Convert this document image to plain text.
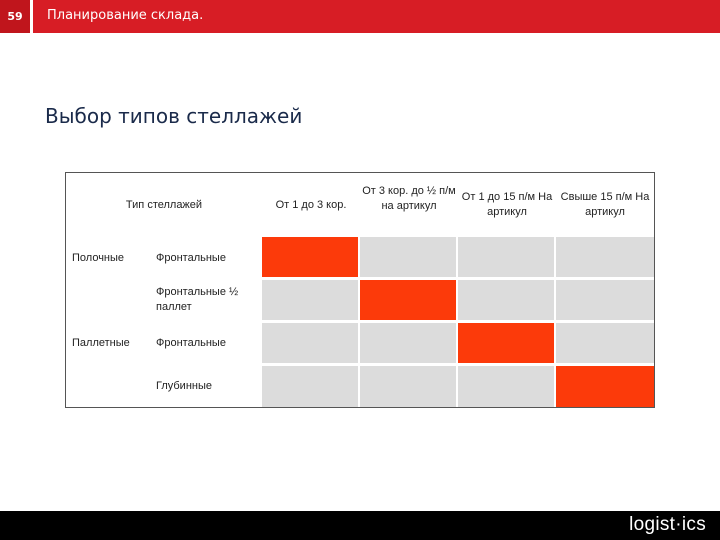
59	Планирование склада.
Выбор типов стеллажей
Тип стеллажей	От 1 до 3 кор.
От 3 кор. до ½ п/м на артикул
От 1 до 15 п/м На артикул
Свыше 15 п/м На артикул
Полочные
Паллетные
Фронтальные
Фронтальные ½ паллет
Фронтальные
Глубинные
logist·ics
